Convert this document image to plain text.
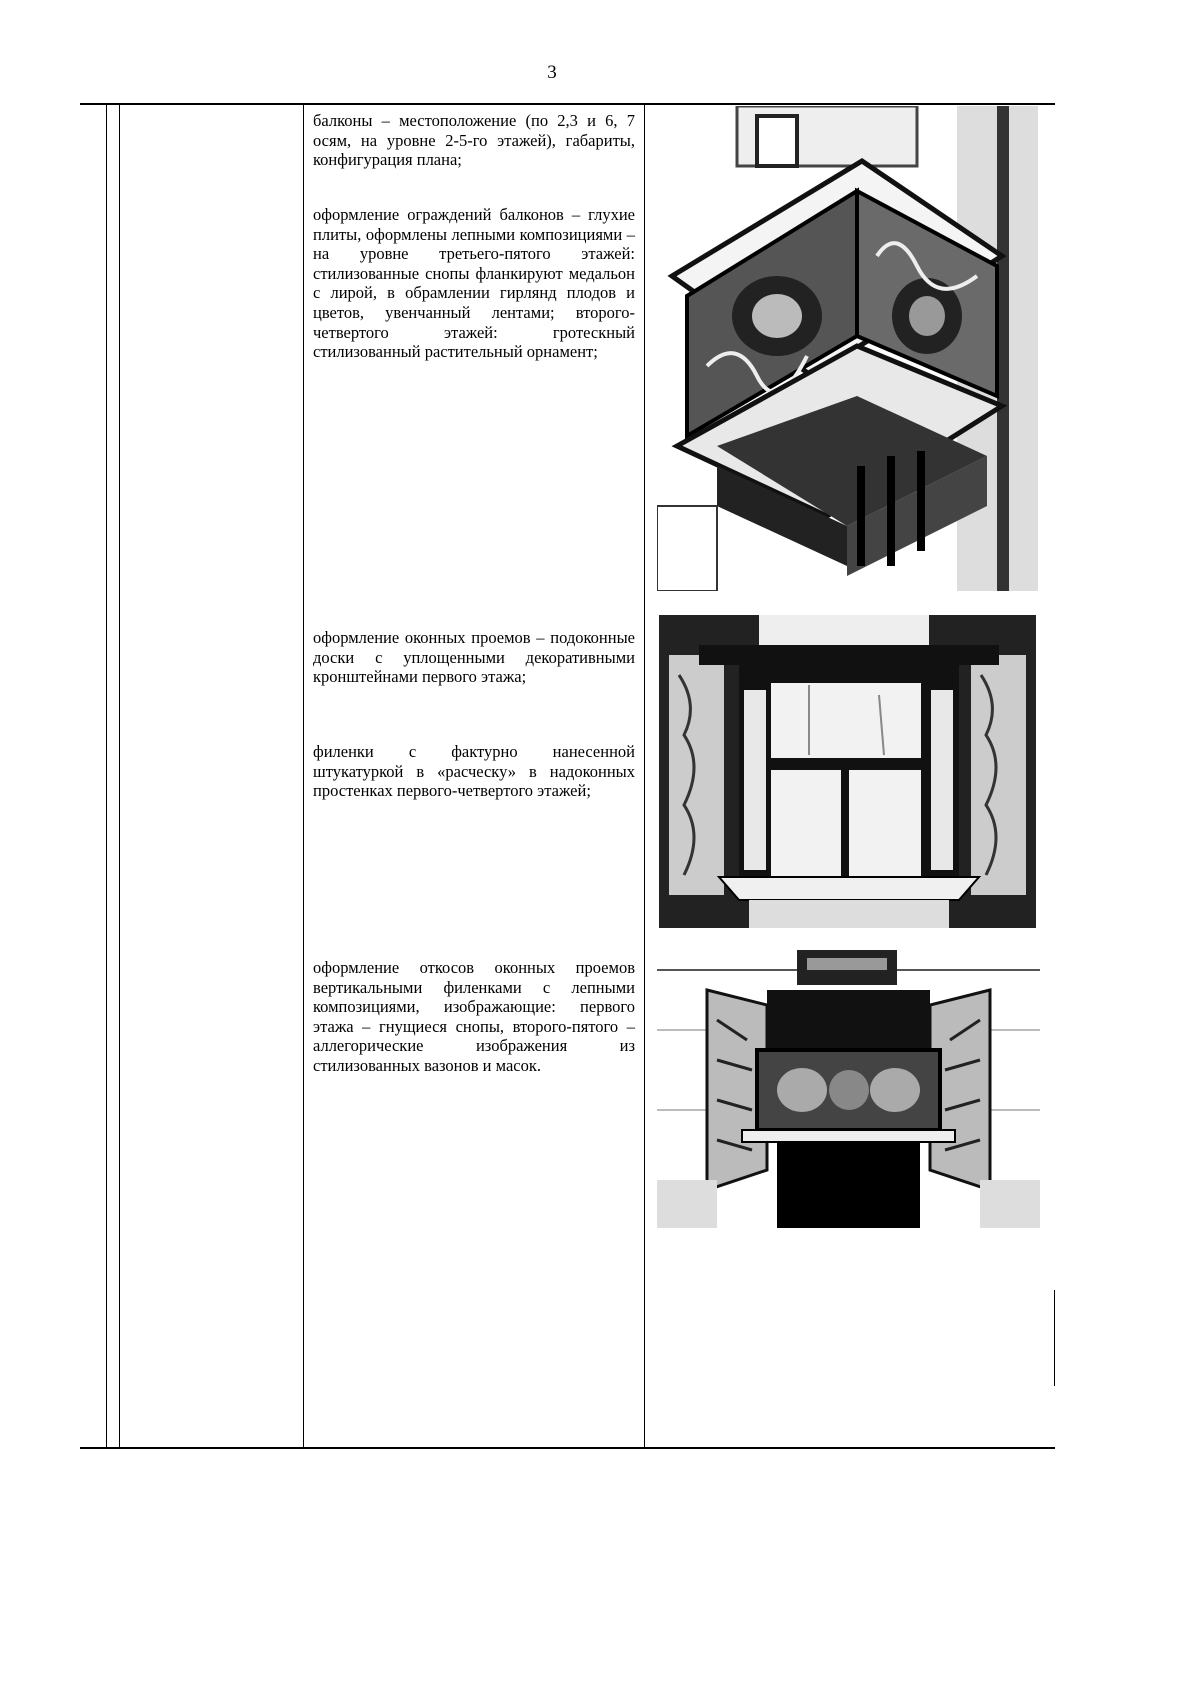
3
балконы – местоположение (по 2,3 и 6, 7 осям, на уровне 2-5-го этажей), габариты, конфигурация плана;
оформление ограждений балконов – глухие плиты, оформлены лепными композициями – на уровне третьего-пятого этажей: стилизованные снопы фланкируют медальон с лирой, в обрамлении гирлянд плодов и цветов, увенчанный лентами; второго-четвертого этажей: гротескный стилизованный растительный орнамент;
оформление оконных проемов – подоконные доски с уплощенными декоративными кронштейнами первого этажа;
филенки с фактурно нанесенной штукатуркой в «расческу» в надоконных простенках первого-четвертого этажей;
оформление откосов оконных проемов вертикальными филенками с лепными композициями, изображающие: первого этажа – гнущиеся снопы, второго-пятого – аллегорические изображения из стилизованных вазонов и масок.
